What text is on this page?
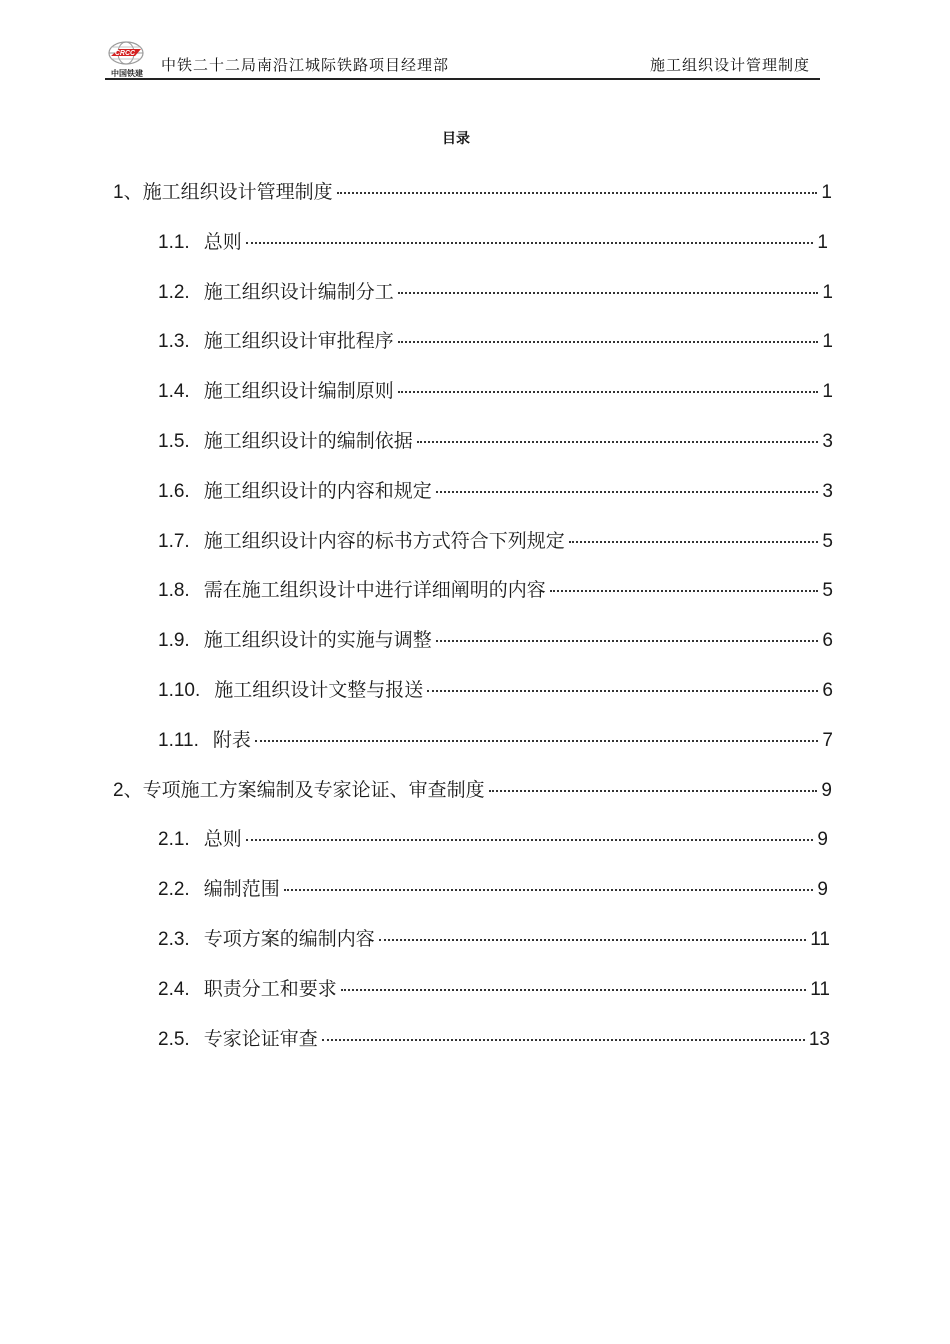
CRCC
中国铁建	中铁二十二局南沿江城际铁路项目经理部	施工组织设计管理制度
目录
1、 施工组织设计管理制度	1
1.1. 总则	1
1.2. 施工组织设计编制分工	1
1.3. 施工组织设计审批程序	1
1.4. 施工组织设计编制原则	1
1.5. 施工组织设计的编制依据	3
1.6. 施工组织设计的内容和规定	3
1.7. 施工组织设计内容的标书方式符合下列规定	5
1.8. 需在施工组织设计中进行详细阐明的内容	5
1.9. 施工组织设计的实施与调整	6
1.10. 施工组织设计文整与报送	6
1.11. 附表	7
2、 专项施工方案编制及专家论证、审查制度	9
2.1. 总则	9
2.2. 编制范围	9
2.3. 专项方案的编制内容	11
2.4. 职责分工和要求	11
2.5. 专家论证审查	13
